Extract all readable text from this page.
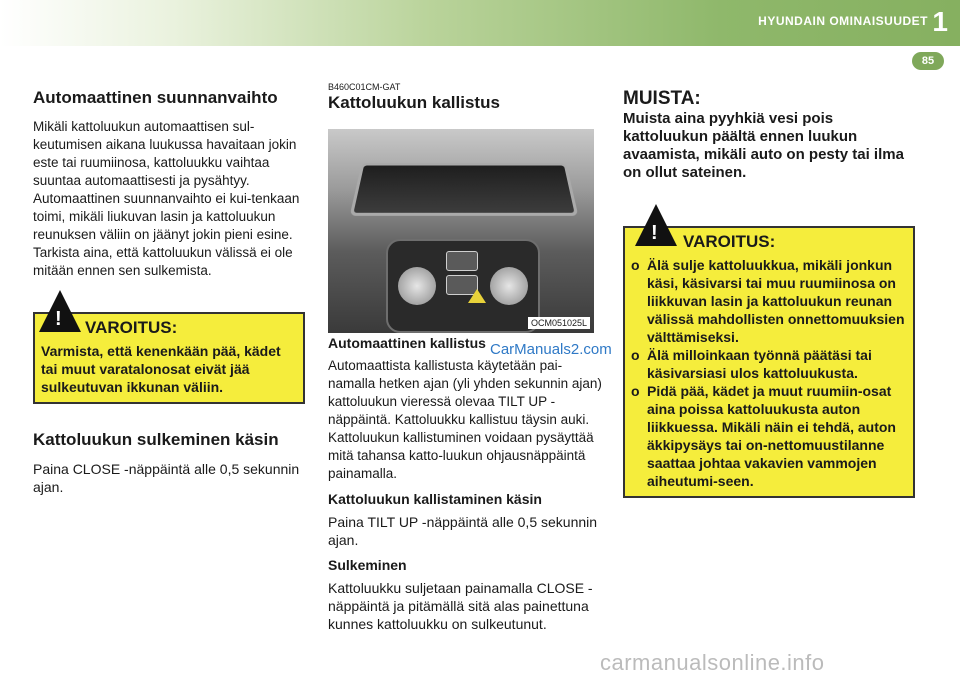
HYUNDAIN OMINAISUUDET 1
85
Automaattinen suunnanvaihto

Mikäli kattoluukun automaattisen sul-keutumisen aikana luukussa havaitaan jokin este tai ruumiinosa, kattoluukku vaihtaa suuntaa automaattisesti ja pysähtyy.

Automaattinen suunnanvaihto ei kui-tenkaan toimi, mikäli liukuvan lasin ja kattoluukun reunuksen väliin on jäänyt jokin pieni esine. Tarkista aina, että kattoluukun välissä ei ole mitään ennen sen sulkemista.

VAROITUS:
Varmista, että kenenkään pää, kädet tai muut varatalonosat eivät jää sulkeutuvan ikkunan väliin.
!
Kattoluukun sulkeminen käsin

Paina CLOSE -näppäintä alle 0,5 sekunnin ajan.

B460C01CM-GAT
Kattoluukun kallistus
OCM051025L
Automaattinen kallistus

Automaattista kallistusta käytetään pai-namalla hetken ajan (yli yhden sekunnin ajan) kattoluukun vieressä olevaa TILT UP -näppäintä. Kattoluukku kallistuu täysin auki. Kattoluukun kallistuminen voidaan pysäyttää mitä tahansa katto-luukun ohjausnäppäintä painamalla.

Kattoluukun kallistaminen käsin

Paina TILT UP -näppäintä alle 0,5 sekunnin ajan.

Sulkeminen

Kattoluukku suljetaan painamalla CLOSE -näppäintä ja pitämällä sitä alas painettuna kunnes kattoluukku on sulkeutunut.

MUISTA:

Muista aina pyyhkiä vesi pois kattoluukun päältä ennen luukun avaamista, mikäli auto on pesty tai ilma on ollut sateinen.

VAROITUS:
o Älä sulje kattoluukkua, mikäli jonkun käsi, käsivarsi tai muu ruumiinosa on liikkuvan lasin ja kattoluukun reunan välissä mahdollisten onnettomuuksien välttämiseksi.
o Älä milloinkaan työnnä päätäsi tai käsivarsiasi ulos kattoluukusta.
o Pidä pää, kädet ja muut ruumiin-osat aina poissa kattoluukusta auton liikkuessa. Mikäli näin ei tehdä, auton äkkipysäys tai on-nettomuustilanne saattaa johtaa vakavien vammojen aiheutumi-seen.
!
CarManuals2.com
carmanualsonline.info
